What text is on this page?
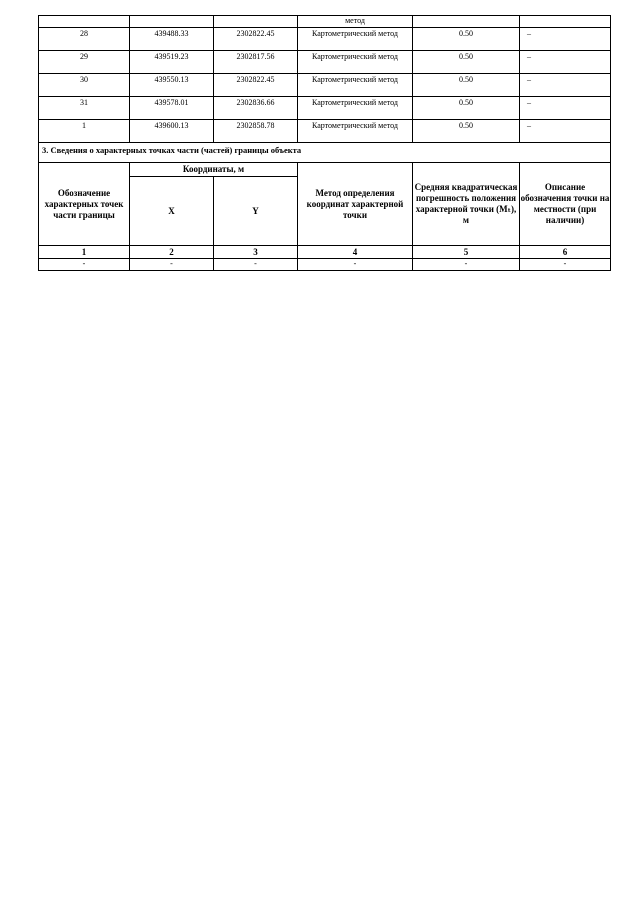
			метод		
28	439488.33	2302822.45	Картометрический метод	0.50	–
29	439519.23	2302817.56	Картометрический метод	0.50	–
30	439550.13	2302822.45	Картометрический метод	0.50	–
31	439578.01	2302836.66	Картометрический метод	0.50	–
1	439600.13	2302858.78	Картометрический метод	0.50	–
3. Сведения о характерных точках части (частей) границы объекта					
Обозначение характерных точек части границы	Координаты, м		Метод определения координат характерной точки	Средняя квадратическая погрешность положения характерной точки (Мₜ), м	Описание обозначения точки на местности (при наличии)
	X	Y			
1	2	3	4	5	6
-	-	-	-	-	-
